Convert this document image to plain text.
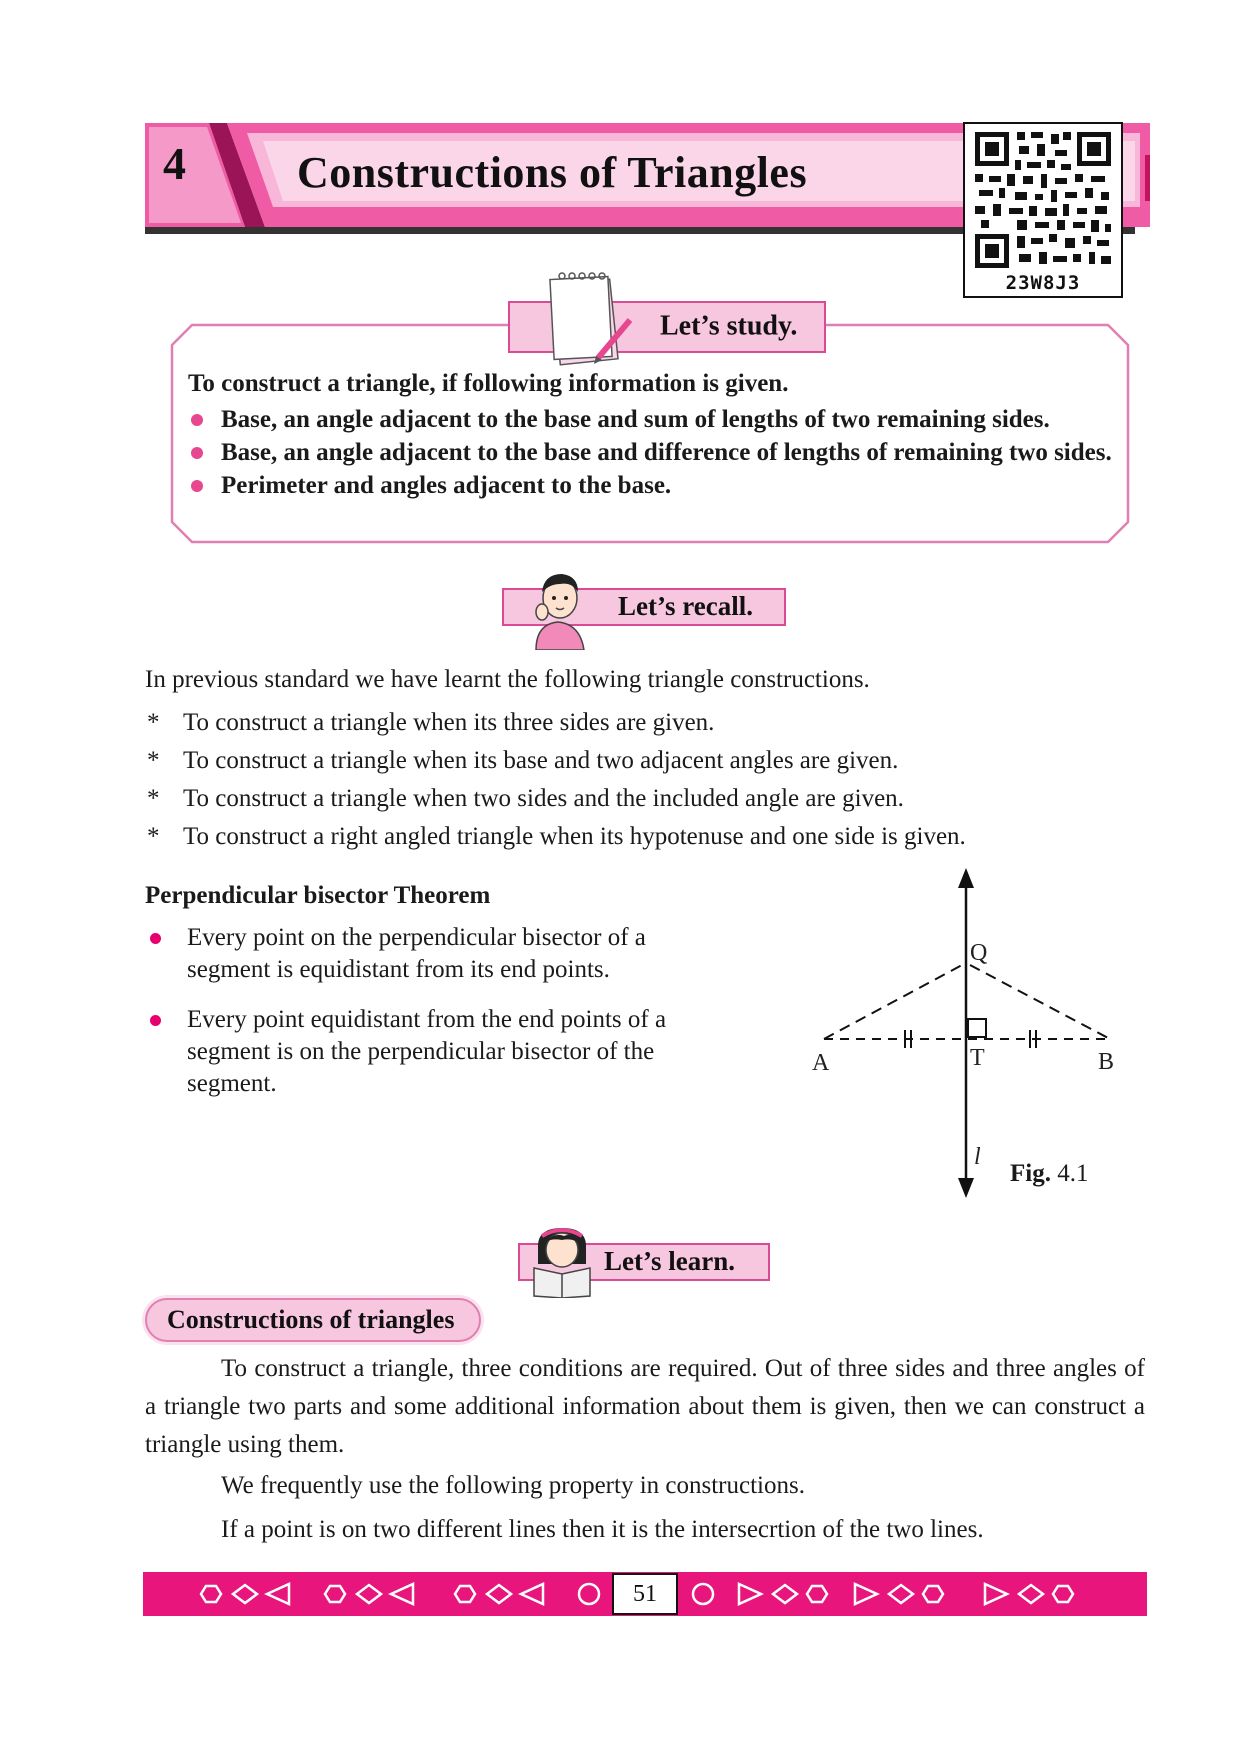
4	Constructions of Triangles
23W8J3
Let’s study.
To construct a triangle, if following information is given.
Base, an angle adjacent to the base and sum of lengths of two remaining sides.
Base, an angle adjacent to the base and difference of lengths of remaining two sides.
Perimeter and angles adjacent to the base.
Let’s recall.
In previous standard we have learnt the following triangle constructions.
* To construct a triangle when its three sides are given.
* To construct a triangle when its base and two adjacent angles are given.
* To construct a triangle when two sides and the included angle are given.
* To construct a right angled triangle when its hypotenuse and one side is given.
Perpendicular bisector Theorem
Every point on the perpendicular bisector of a segment is equidistant from its end points.
Every point equidistant from the end points of a segment is on the perpendicular bisector of the segment.
Q
A	T	B
l
Fig. 4.1
Let’s learn.
Constructions of triangles
To construct a triangle, three conditions are required. Out of three sides and three angles of a triangle two parts and some additional information about them is given, then we can construct a triangle using them.
We frequently use the following property in constructions.
If a point is on two different lines then it is the intersecrtion of the two lines.
51
